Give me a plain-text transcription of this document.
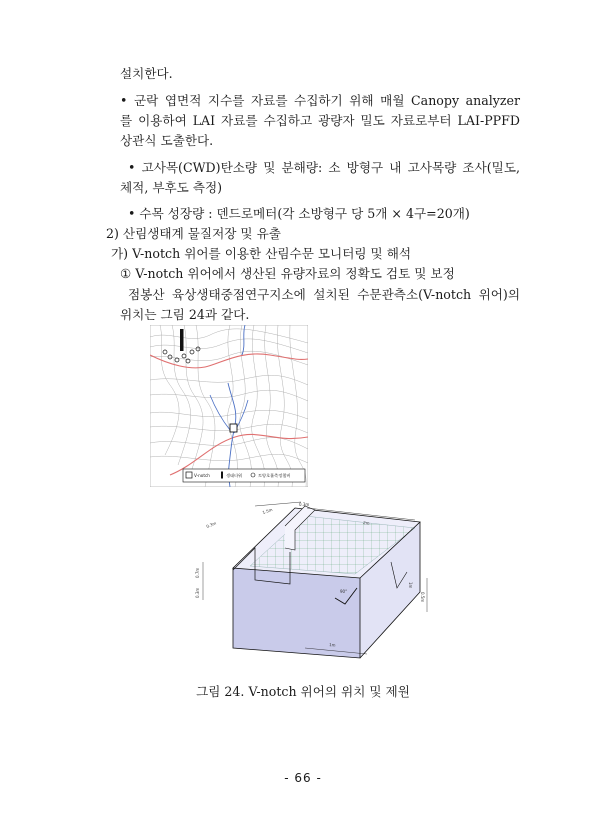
설치한다.
• 군락 엽면적 지수를 자료를 수집하기 위해 매월 Canopy analyzer
를 이용하여 LAI 자료를 수집하고 광량자 밀도 자료로부터 LAI-PPFD
상관식 도출한다.
• 고사목(CWD)탄소량 및 분해량: 소 방형구 내 고사목량 조사(밀도,
체적, 부후도 측정)
• 수목 성장량 : 덴드로메터(각 소방형구 당 5개 × 4구=20개)
2) 산림생태계 물질저장 및 유출
가) V-notch 위어를 이용한 산림수문 모니터링 및 해석
① V-notch 위어에서 생산된 유량자료의 정확도 검토 및 보정
점봉산 육상생태중점연구지소에 설치된 수문관측소(V-notch 위어)의
위치는 그림 24과 같다.
V-notch	생태타워	토양호흡측정챔버
1.5m
0.3m
0.3m	2m
0.7m
0.3m	0.5m
1m
90°
1m
그림 24. V-notch 위어의 위치 및 제원
- 66 -
